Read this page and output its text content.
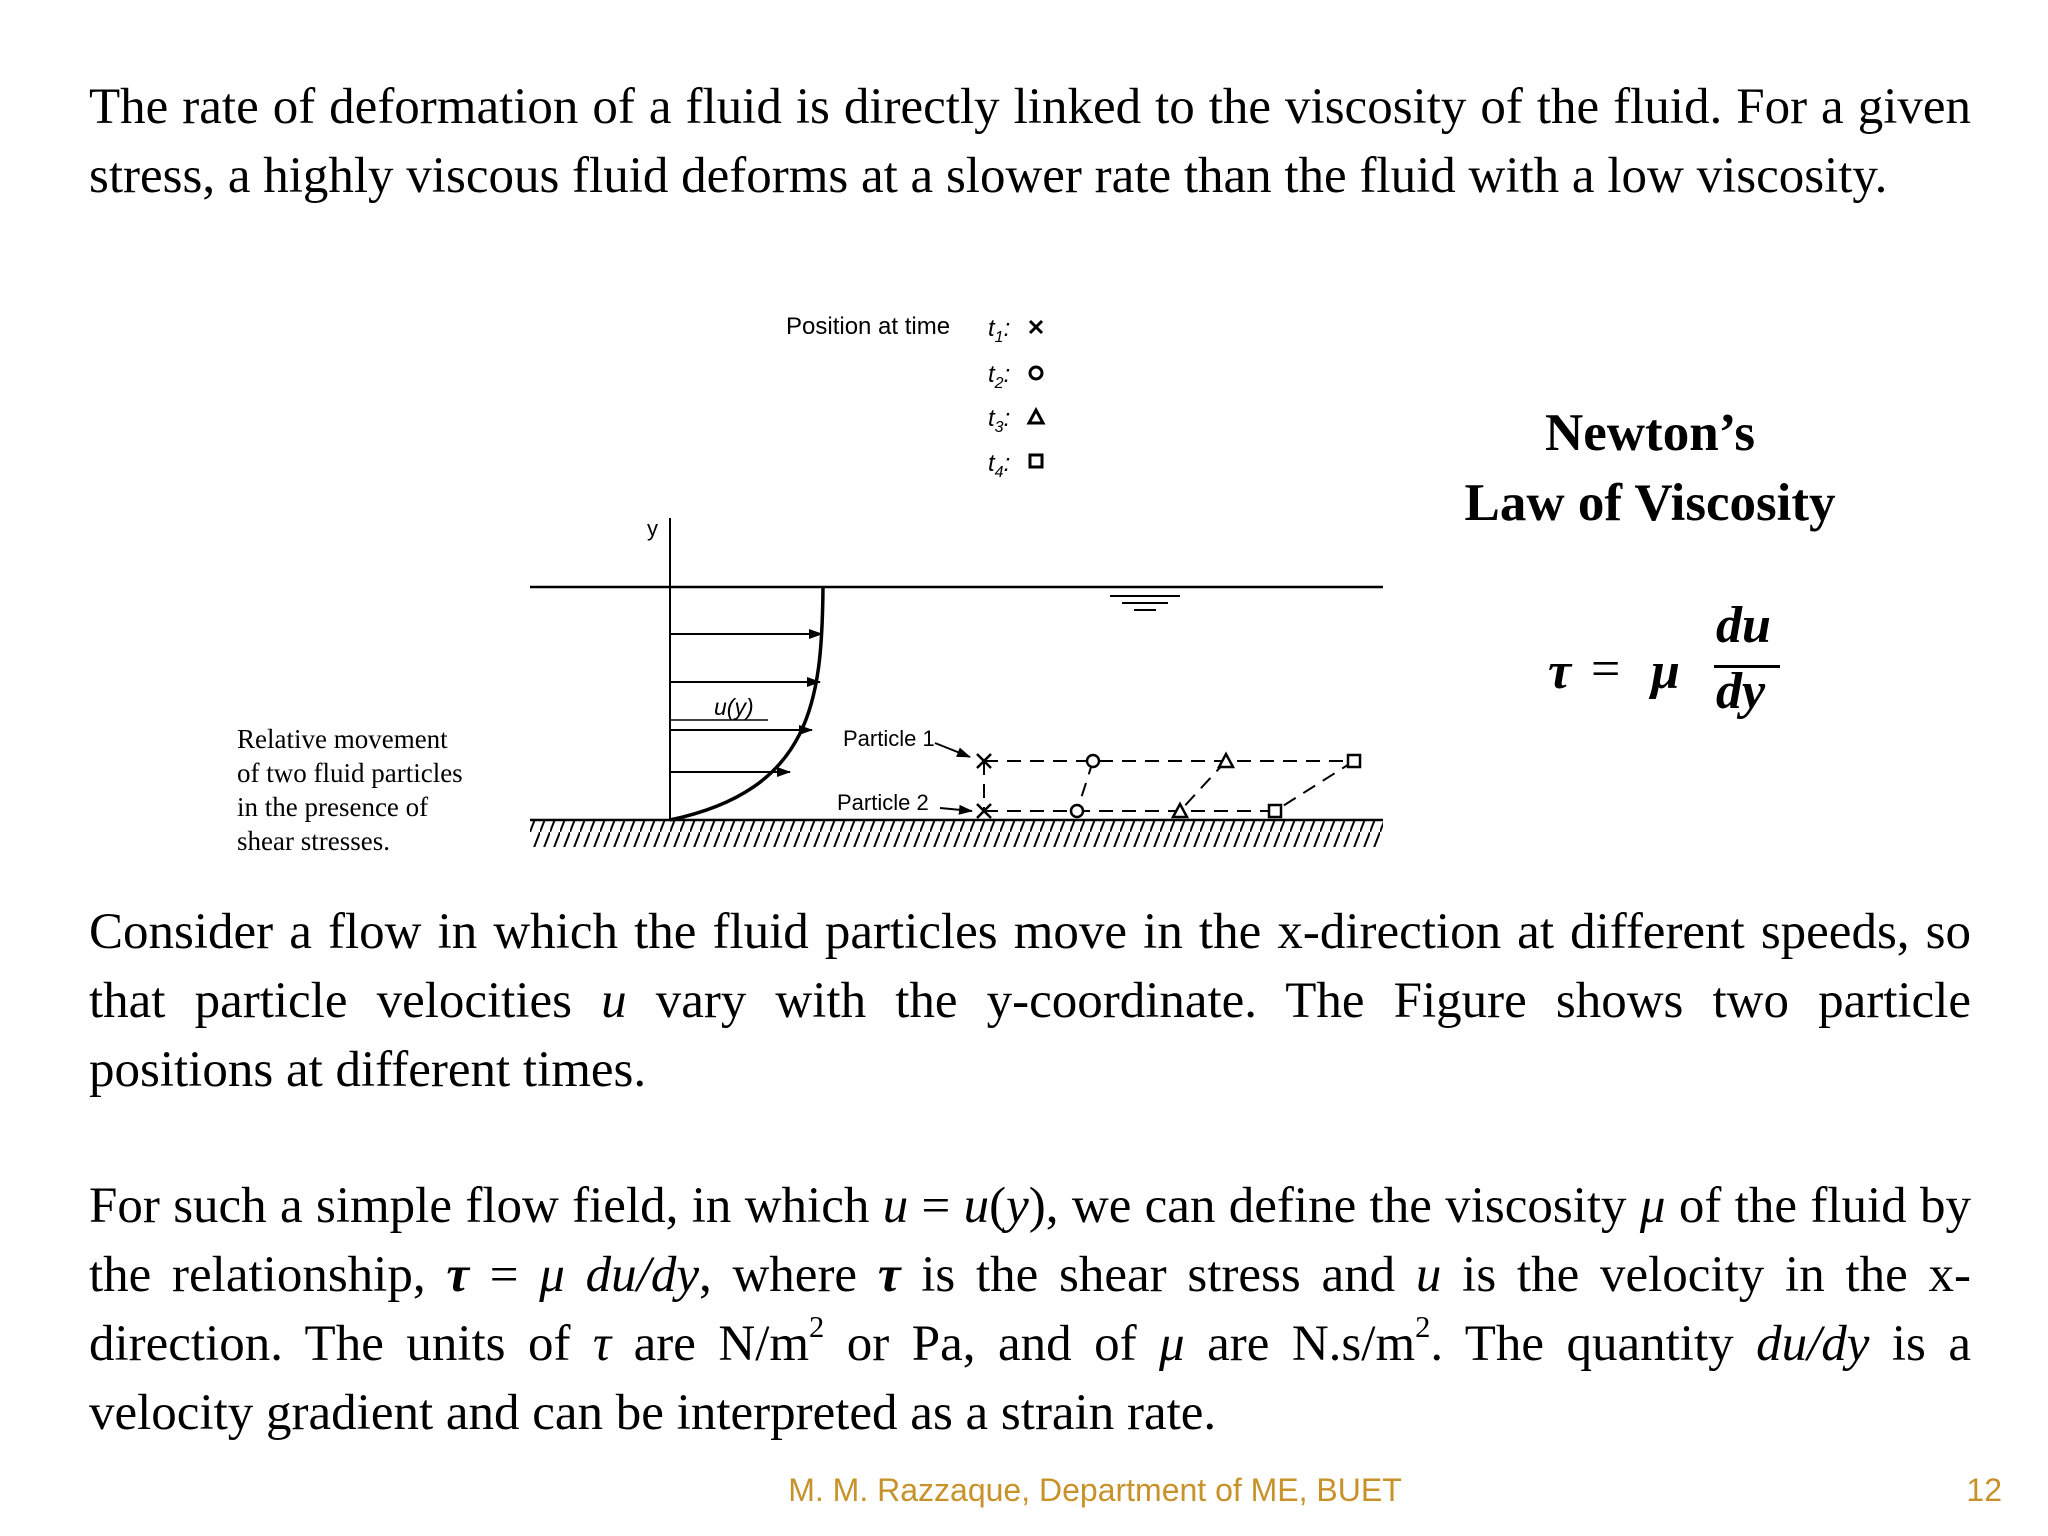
The rate of deformation of a fluid is directly linked to the viscosity of the fluid. For a given stress, a highly viscous fluid deforms at a slower rate than the fluid with a low viscosity.
Position at time $t_1$:
$t_2$:
$t_3$:
$t_4$:
y
u(y)
Particle 1
Particle 2
Relative movement
of two fluid particles
in the presence of
shear stresses.
Newton’s
Law of Viscosity
τ = μ
du
dy
Consider a flow in which the fluid particles move in the x-direction at different speeds, so that particle velocities u vary with the y-coordinate. The Figure shows two particle positions at different times.
For such a simple flow field, in which u = u(y), we can define the viscosity μ of the fluid by the relationship, τ = μ du/dy, where τ is the shear stress and u is the velocity in the x-direction. The units of τ are $N/m^2$ or Pa, and of μ are $N.s/m^2$. The quantity du/dy is a velocity gradient and can be interpreted as a strain rate.
M. M. Razzaque, Department of ME, BUET	12
